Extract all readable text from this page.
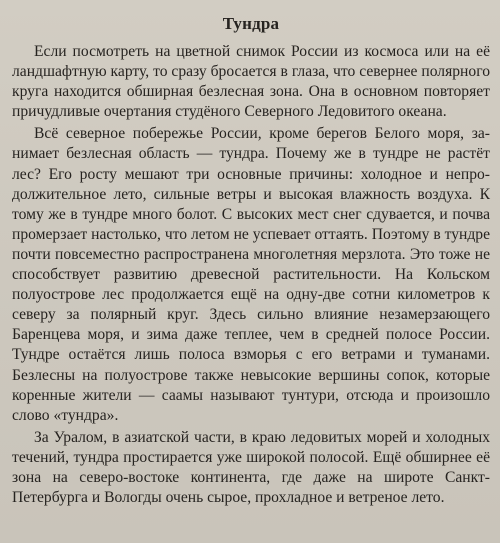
Тундра

Если посмотреть на цветной снимок России из космоса или на её ландшафтную карту, то сразу бросается в глаза, что севернее полярного круга находится обширная безлесная зона. Она в основном повторяет причудливые очертания студёного Северного Ледовитого океана.

Всё северное побережье России, кроме берегов Белого моря, занимает безлесная область — тундра. Почему же в тундре не растёт лес? Его росту мешают три основные причины: холодное и непродолжительное лето, сильные ветры и высокая влажность воздуха. К тому же в тундре много болот. С высоких мест снег сдувается, и почва промерзает настолько, что летом не успевает оттаять. Поэтому в тундре почти повсеместно распространена многолетняя мерзлота. Это тоже не способствует развитию древесной растительности. На Кольском полуострове лес продолжается ещё на одну-две сотни километров к северу за полярный круг. Здесь сильно влияние незамерзающего Баренцева моря, и зима даже теплее, чем в средней полосе России. Тундре остаётся лишь полоса взморья с его ветрами и туманами. Безлесны на полуострове также невысокие вершины сопок, которые коренные жители — саамы называют тунтури, отсюда и произошло слово «тундра».

За Уралом, в азиатской части, в краю ледовитых морей и холодных течений, тундра простирается уже широкой полосой. Ещё обширнее её зона на северо-востоке континента, где даже на широте Санкт-Петербурга и Вологды очень сырое, прохладное и ветреное лето.
